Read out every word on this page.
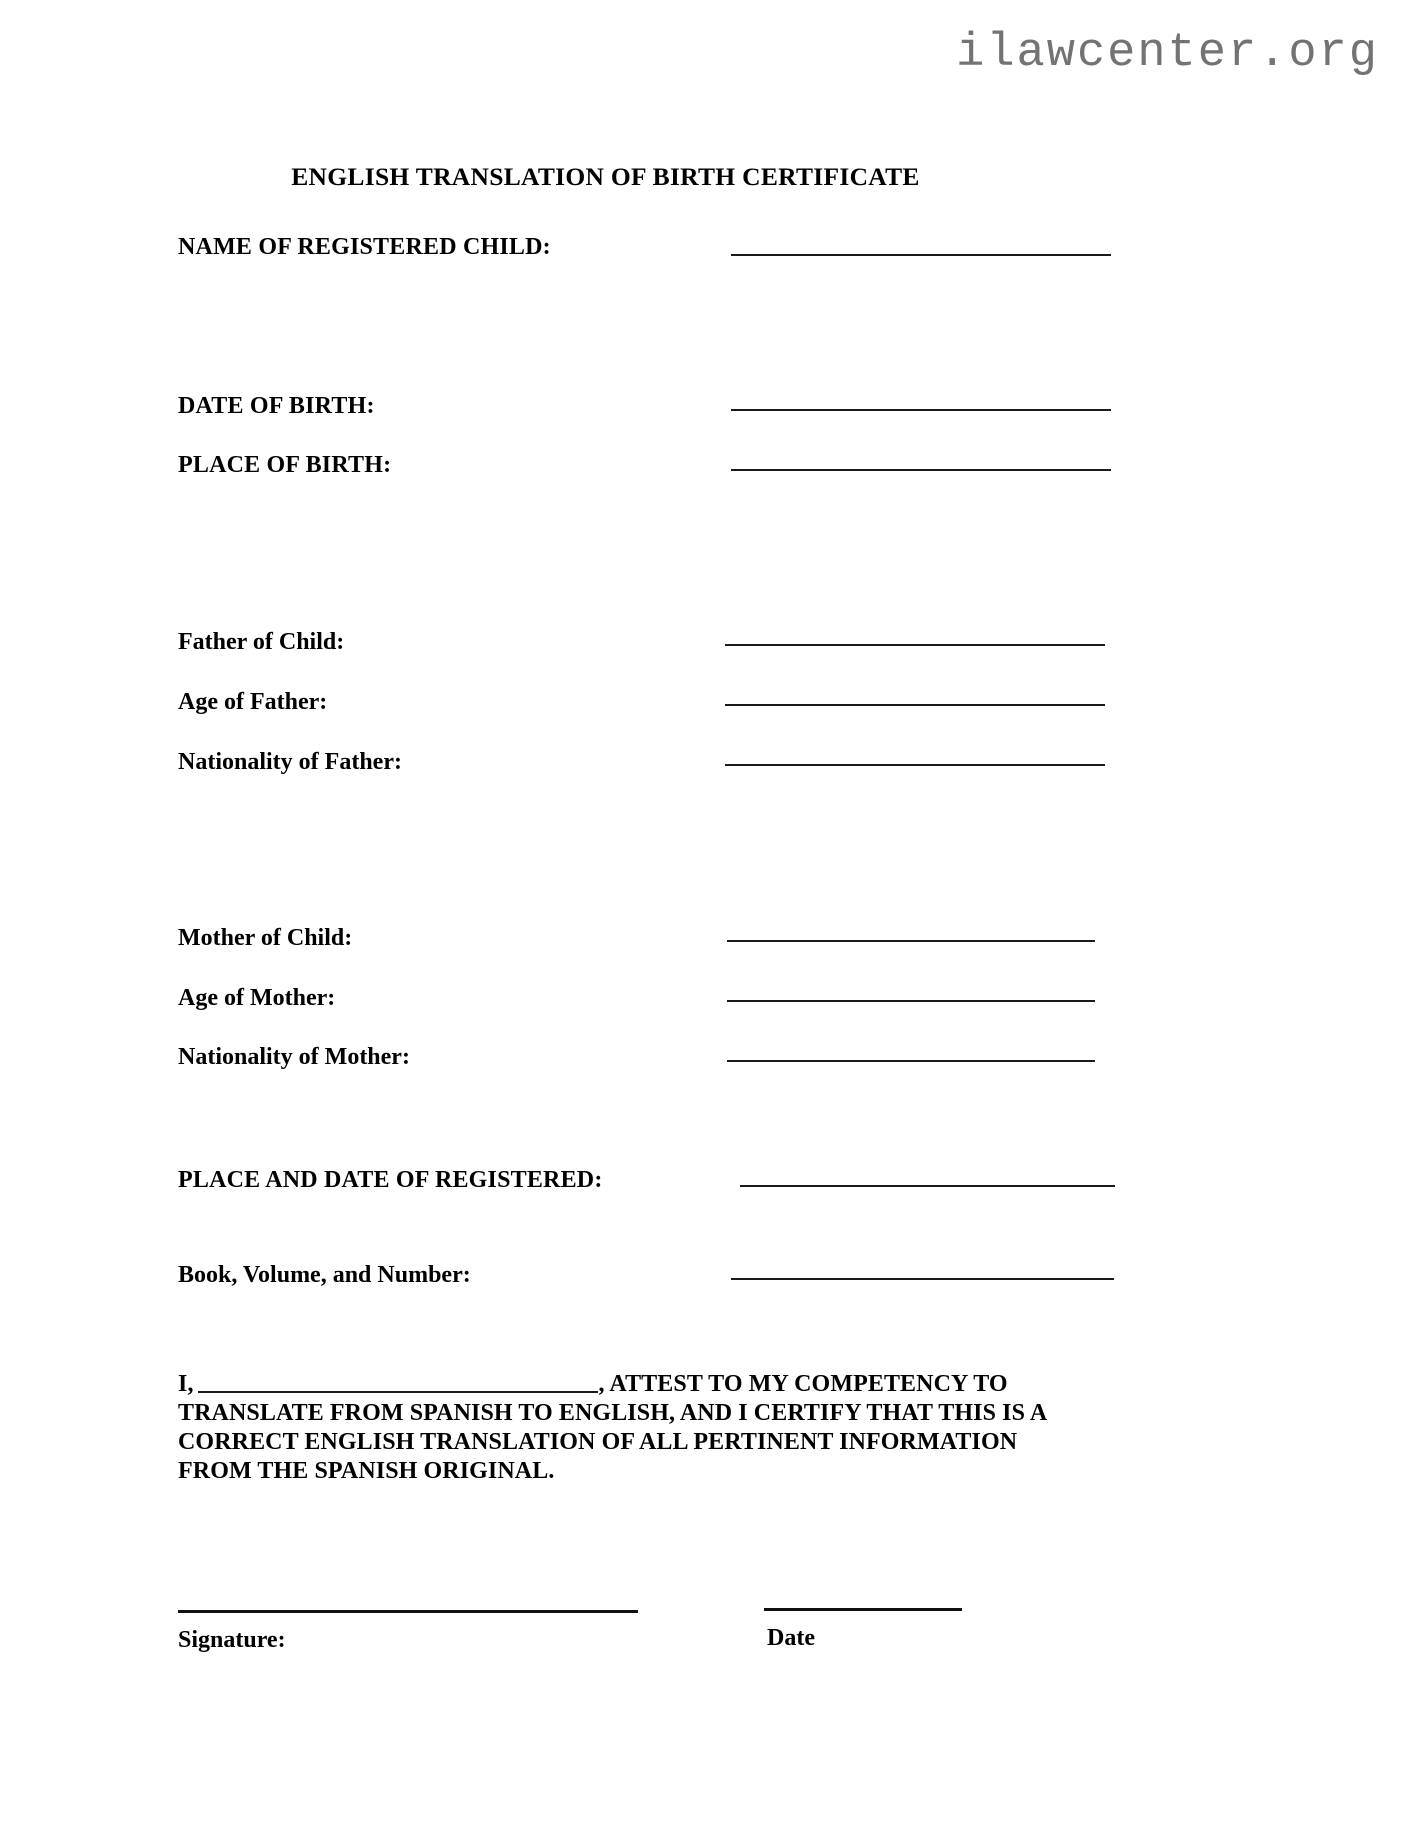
ilawcenter.org
ENGLISH TRANSLATION OF BIRTH CERTIFICATE
NAME OF REGISTERED CHILD:
DATE OF BIRTH:
PLACE OF BIRTH:
Father of Child:
Age of Father:
Nationality of Father:
Mother of Child:
Age of Mother:
Nationality of Mother:
PLACE AND DATE OF REGISTERED:
Book, Volume, and Number:
I,	, ATTEST TO MY COMPETENCY TO TRANSLATE FROM SPANISH TO ENGLISH, AND I CERTIFY THAT THIS IS A CORRECT ENGLISH TRANSLATION OF ALL PERTINENT INFORMATION FROM THE SPANISH ORIGINAL.
Signature:	Date
